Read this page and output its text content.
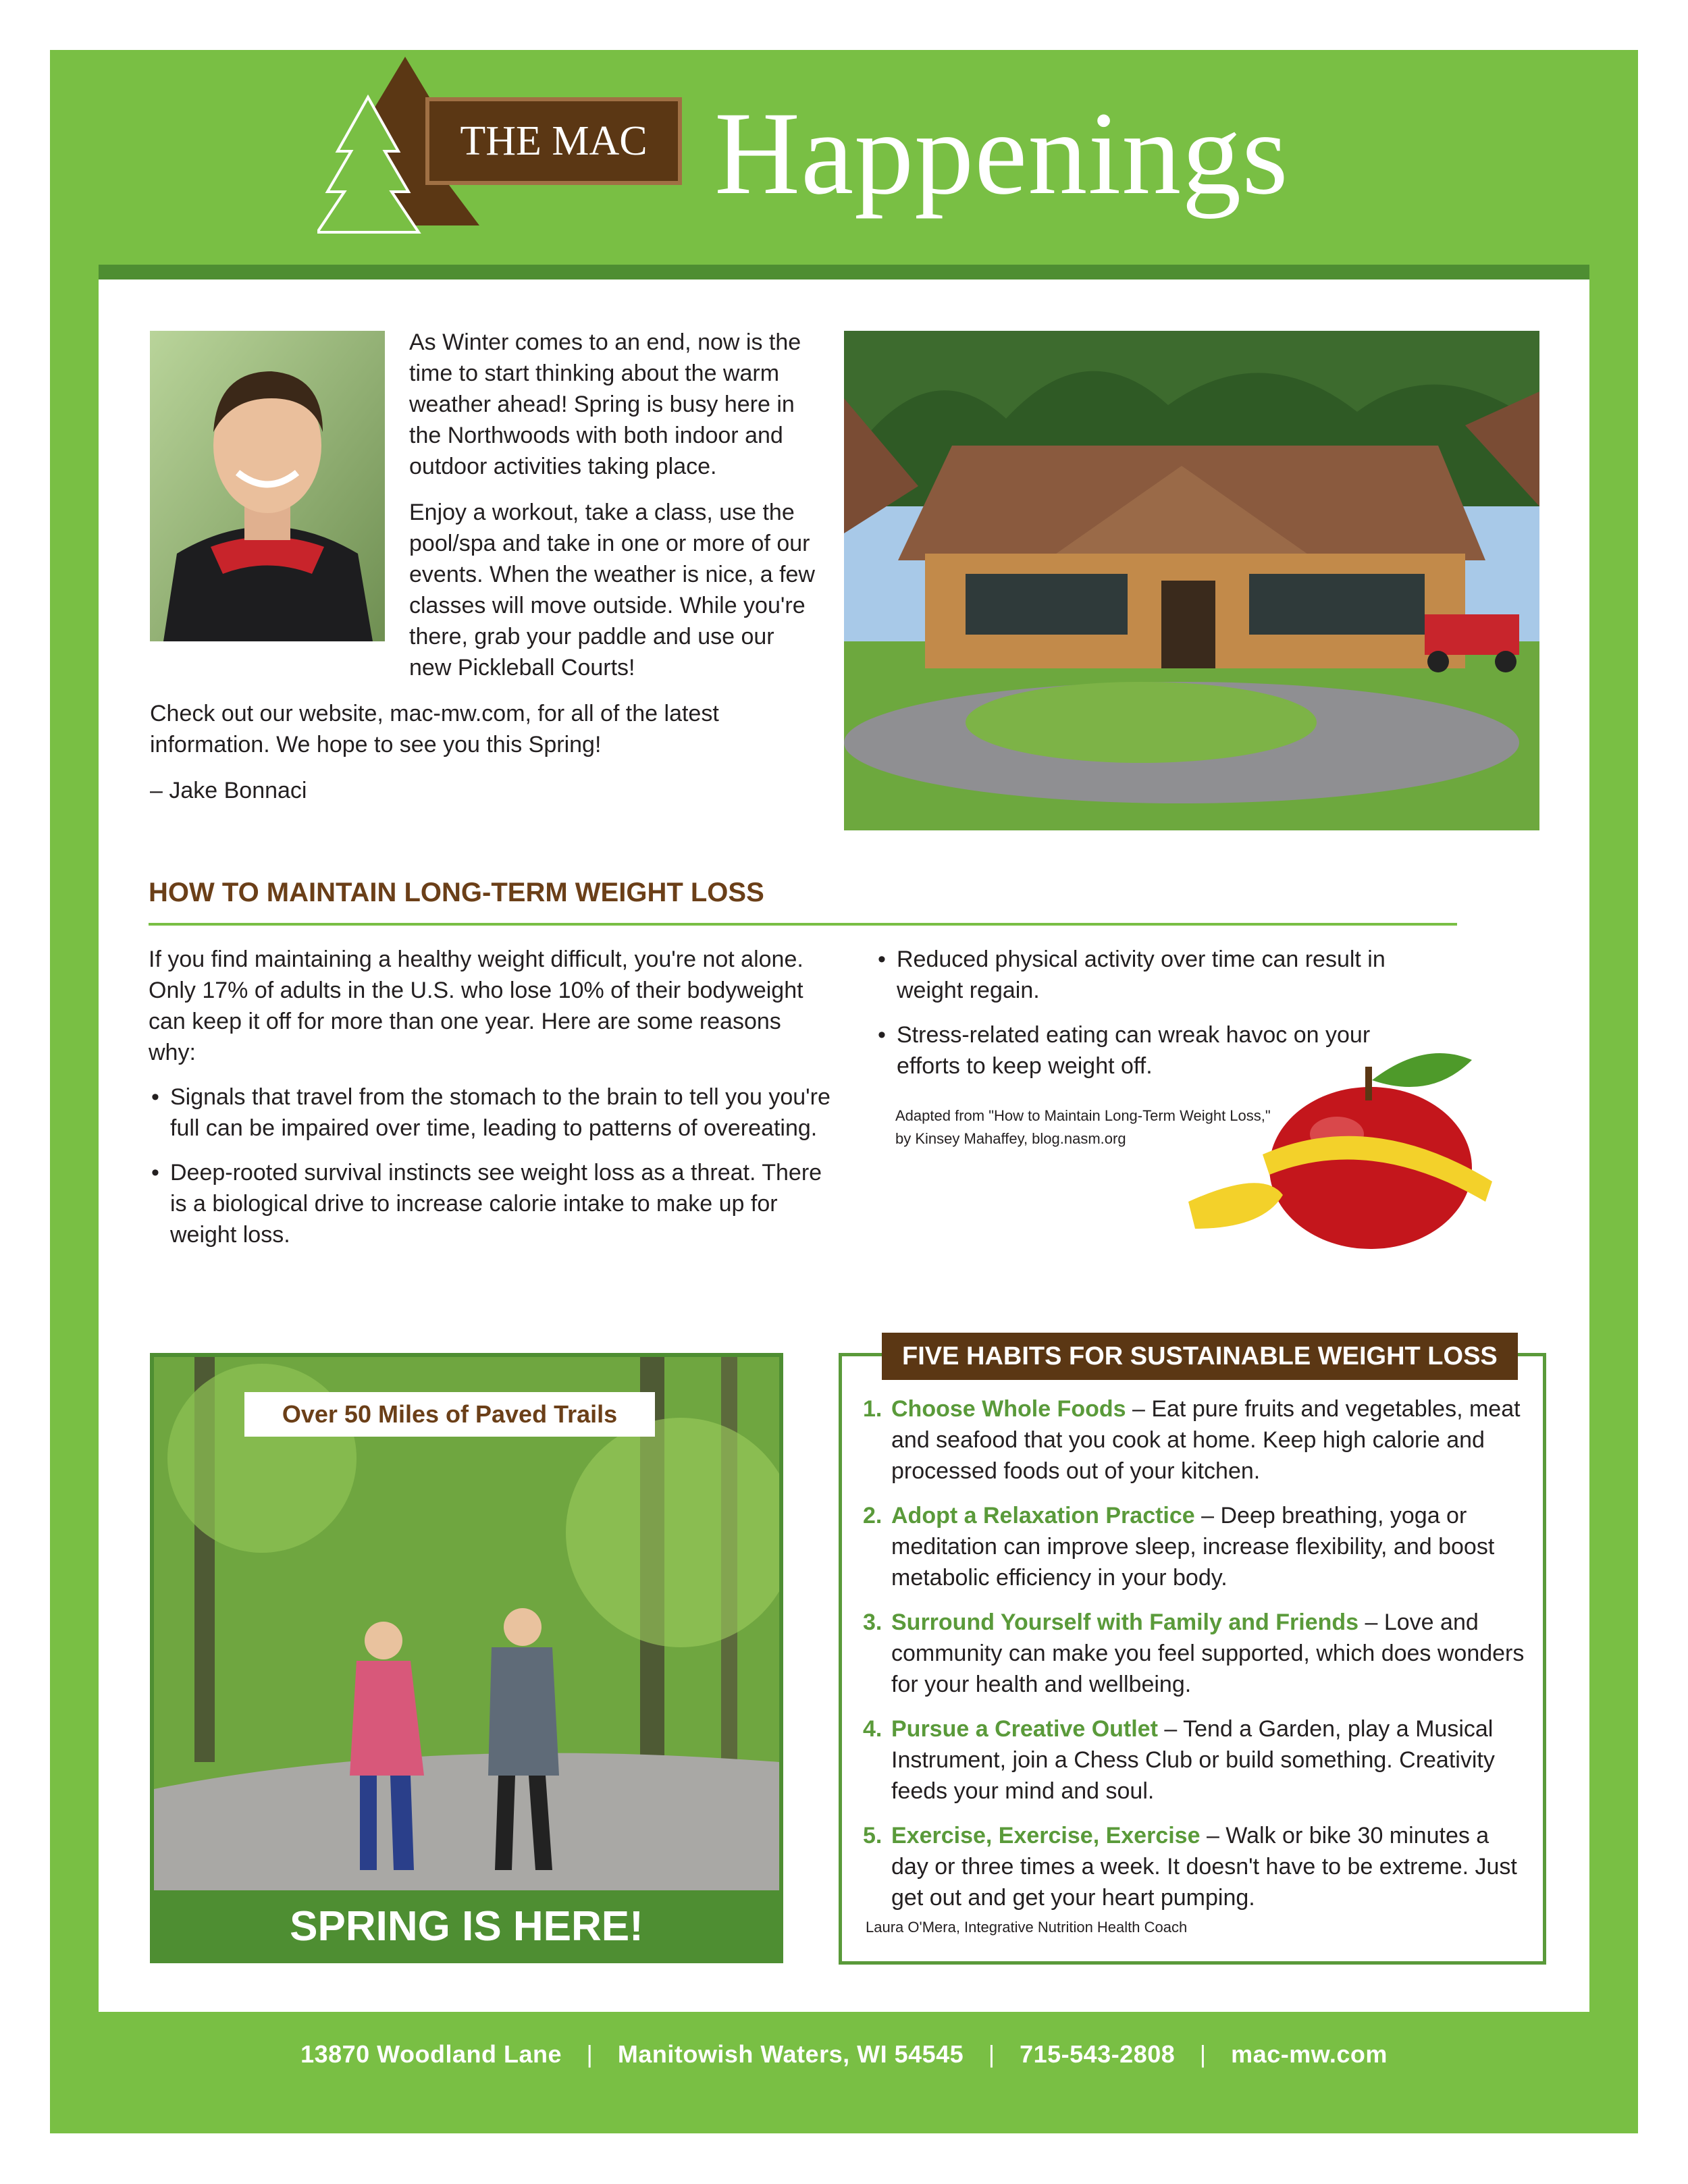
THE MAC Happenings

As Winter comes to an end, now is the time to start thinking about the warm weather ahead! Spring is busy here in the Northwoods with both indoor and outdoor activities taking place.

Enjoy a workout, take a class, use the pool/spa and take in one or more of our events. When the weather is nice, a few classes will move outside. While you're there, grab your paddle and use our new Pickleball Courts!

Check out our website, mac-mw.com, for all of the latest information. We hope to see you this Spring!

– Jake Bonnaci

HOW TO MAINTAIN LONG-TERM WEIGHT LOSS

If you find maintaining a healthy weight difficult, you're not alone. Only 17% of adults in the U.S. who lose 10% of their bodyweight can keep it off for more than one year. Here are some reasons why:

• Signals that travel from the stomach to the brain to tell you you're full can be impaired over time, leading to patterns of overeating.
• Deep-rooted survival instincts see weight loss as a threat. There is a biological drive to increase calorie intake to make up for weight loss.
• Reduced physical activity over time can result in weight regain.
• Stress-related eating can wreak havoc on your efforts to keep weight off.
Adapted from "How to Maintain Long-Term Weight Loss," by Kinsey Mahaffey, blog.nasm.org
Over 50 Miles of Paved Trails
SPRING IS HERE!
FIVE HABITS FOR SUSTAINABLE WEIGHT LOSS
1. Choose Whole Foods – Eat pure fruits and vegetables, meat and seafood that you cook at home. Keep high calorie and processed foods out of your kitchen.
2. Adopt a Relaxation Practice – Deep breathing, yoga or meditation can improve sleep, increase flexibility, and boost metabolic efficiency in your body.
3. Surround Yourself with Family and Friends – Love and community can make you feel supported, which does wonders for your health and wellbeing.
4. Pursue a Creative Outlet – Tend a Garden, play a Musical Instrument, join a Chess Club or build something. Creativity feeds your mind and soul.
5. Exercise, Exercise, Exercise – Walk or bike 30 minutes a day or three times a week. It doesn't have to be extreme. Just get out and get your heart pumping.
Laura O'Mera, Integrative Nutrition Health Coach
13870 Woodland Lane | Manitowish Waters, WI 54545 | 715-543-2808 | mac-mw.com
